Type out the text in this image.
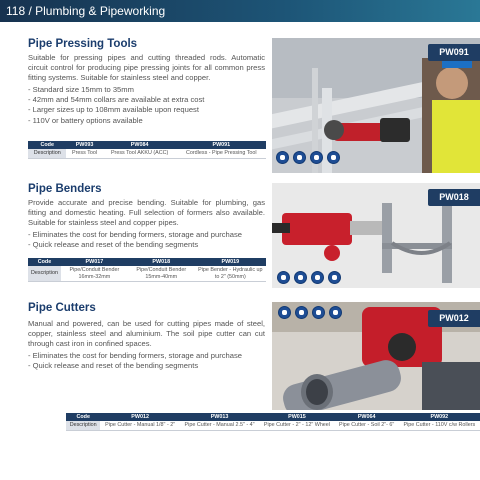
118 / Plumbing & Pipeworking
Pipe Pressing Tools

Suitable for pressing pipes and cutting threaded rods. Automatic circuit control for producing pipe pressing joints for all common press fitting systems. Suitable for stainless steel and copper.

- Standard size 15mm to 35mm
- 42mm and 54mm collars are available at extra cost
- Larger sizes up to 108mm available upon request
- 110V or battery options available
PW091
Code	PW093	PW084	PW091
Description	Press Tool	Press Tool AKKU (ACC)	Cordless - Pipe Pressing Tool
Pipe Benders

Provide accurate and precise bending. Suitable for plumbing, gas fitting and domestic heating. Full selection of formers also available. Suitable for stainless steel and copper pipes.

- Eliminates the cost for bending formers, storage and purchase
- Quick release and reset of the bending segments
PW018
Code	PW017	PW018	PW019
Description	Pipe/Conduit Bender 16mm-32mm	Pipe/Conduit Bender 15mm-40mm	Pipe Bender - Hydraulic up to 2" (50mm)
Pipe Cutters

Manual and powered, can be used for cutting pipes made of steel, copper, stainless steel and aluminium. The soil pipe cutter can cut through cast iron in confined spaces.

- Eliminates the cost for bending formers, storage and purchase
- Quick release and reset of the bending segments
PW012
Code	PW012	PW013	PW015	PW064	PW092
Description	Pipe Cutter - Manual 1/8" - 2"	Pipe Cutter - Manual 2.5" - 4"	Pipe Cutter - 2" - 12" Wheel	Pipe Cutter - Soil 2"- 6"	Pipe Cutter - 110V c/w Rollers
